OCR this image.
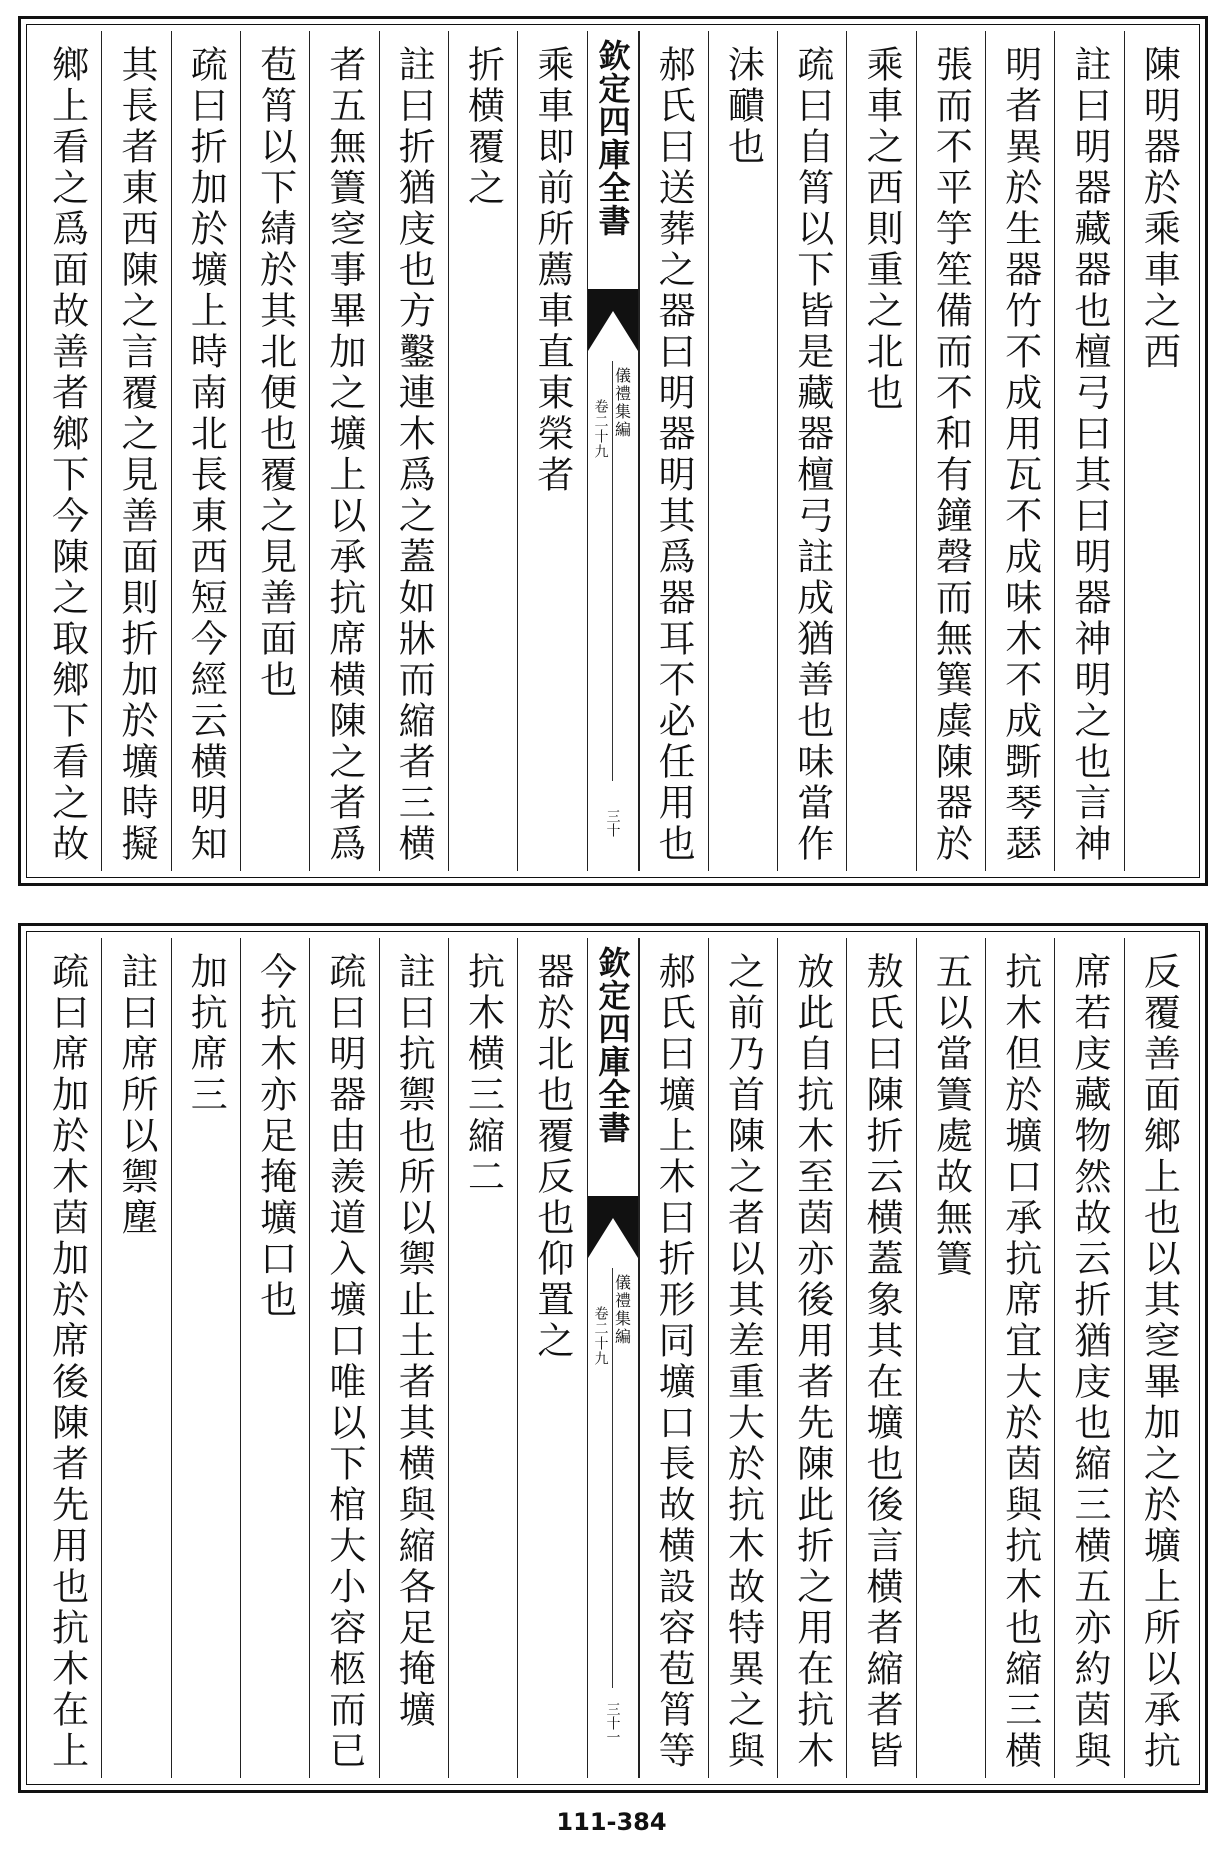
陳明器於乘車之西
註曰明器藏器也檀弓曰其曰明器神明之也言神
明者異於生器竹不成用瓦不成味木不成斲琴瑟
張而不平竽笙備而不和有鐘磬而無簨虡陳器於
乘車之西則重之北也
疏曰自筲以下皆是藏器檀弓註成猶善也味當作
沬靧也
郝氏曰送葬之器曰明器明其爲器耳不必任用也
欽定四庫全書
儀禮集編
卷二十九
三十
乘車即前所薦車直東榮者
折横覆之
註曰折猶庋也方鑿連木爲之蓋如牀而縮者三横
者五無簀窆事畢加之壙上以承抗席横陳之者爲
苞筲以下綪於其北便也覆之見善面也
疏曰折加於壙上時南北長東西短今經云横明知
其長者東西陳之言覆之見善面則折加於壙時擬
鄉上看之爲面故善者鄉下今陳之取鄉下看之故
反覆善面鄉上也以其窆畢加之於壙上所以承抗
席若庋藏物然故云折猶庋也縮三横五亦約茵與
抗木但於壙口承抗席宜大於茵與抗木也縮三横
五以當簀處故無簀
敖氏曰陳折云横蓋象其在壙也後言横者縮者皆
放此自抗木至茵亦後用者先陳此折之用在抗木
之前乃首陳之者以其差重大於抗木故特異之與
郝氏曰壙上木曰折形同壙口長故横設容苞筲等
欽定四庫全書
儀禮集編
卷二十九
三十一
器於北也覆反也仰置之
抗木横三縮二
註曰抗禦也所以禦止土者其横與縮各足掩壙
疏曰明器由羨道入壙口唯以下棺大小容柩而已
今抗木亦足掩壙口也
加抗席三
註曰席所以禦塵
疏曰席加於木茵加於席後陳者先用也抗木在上
111-384
